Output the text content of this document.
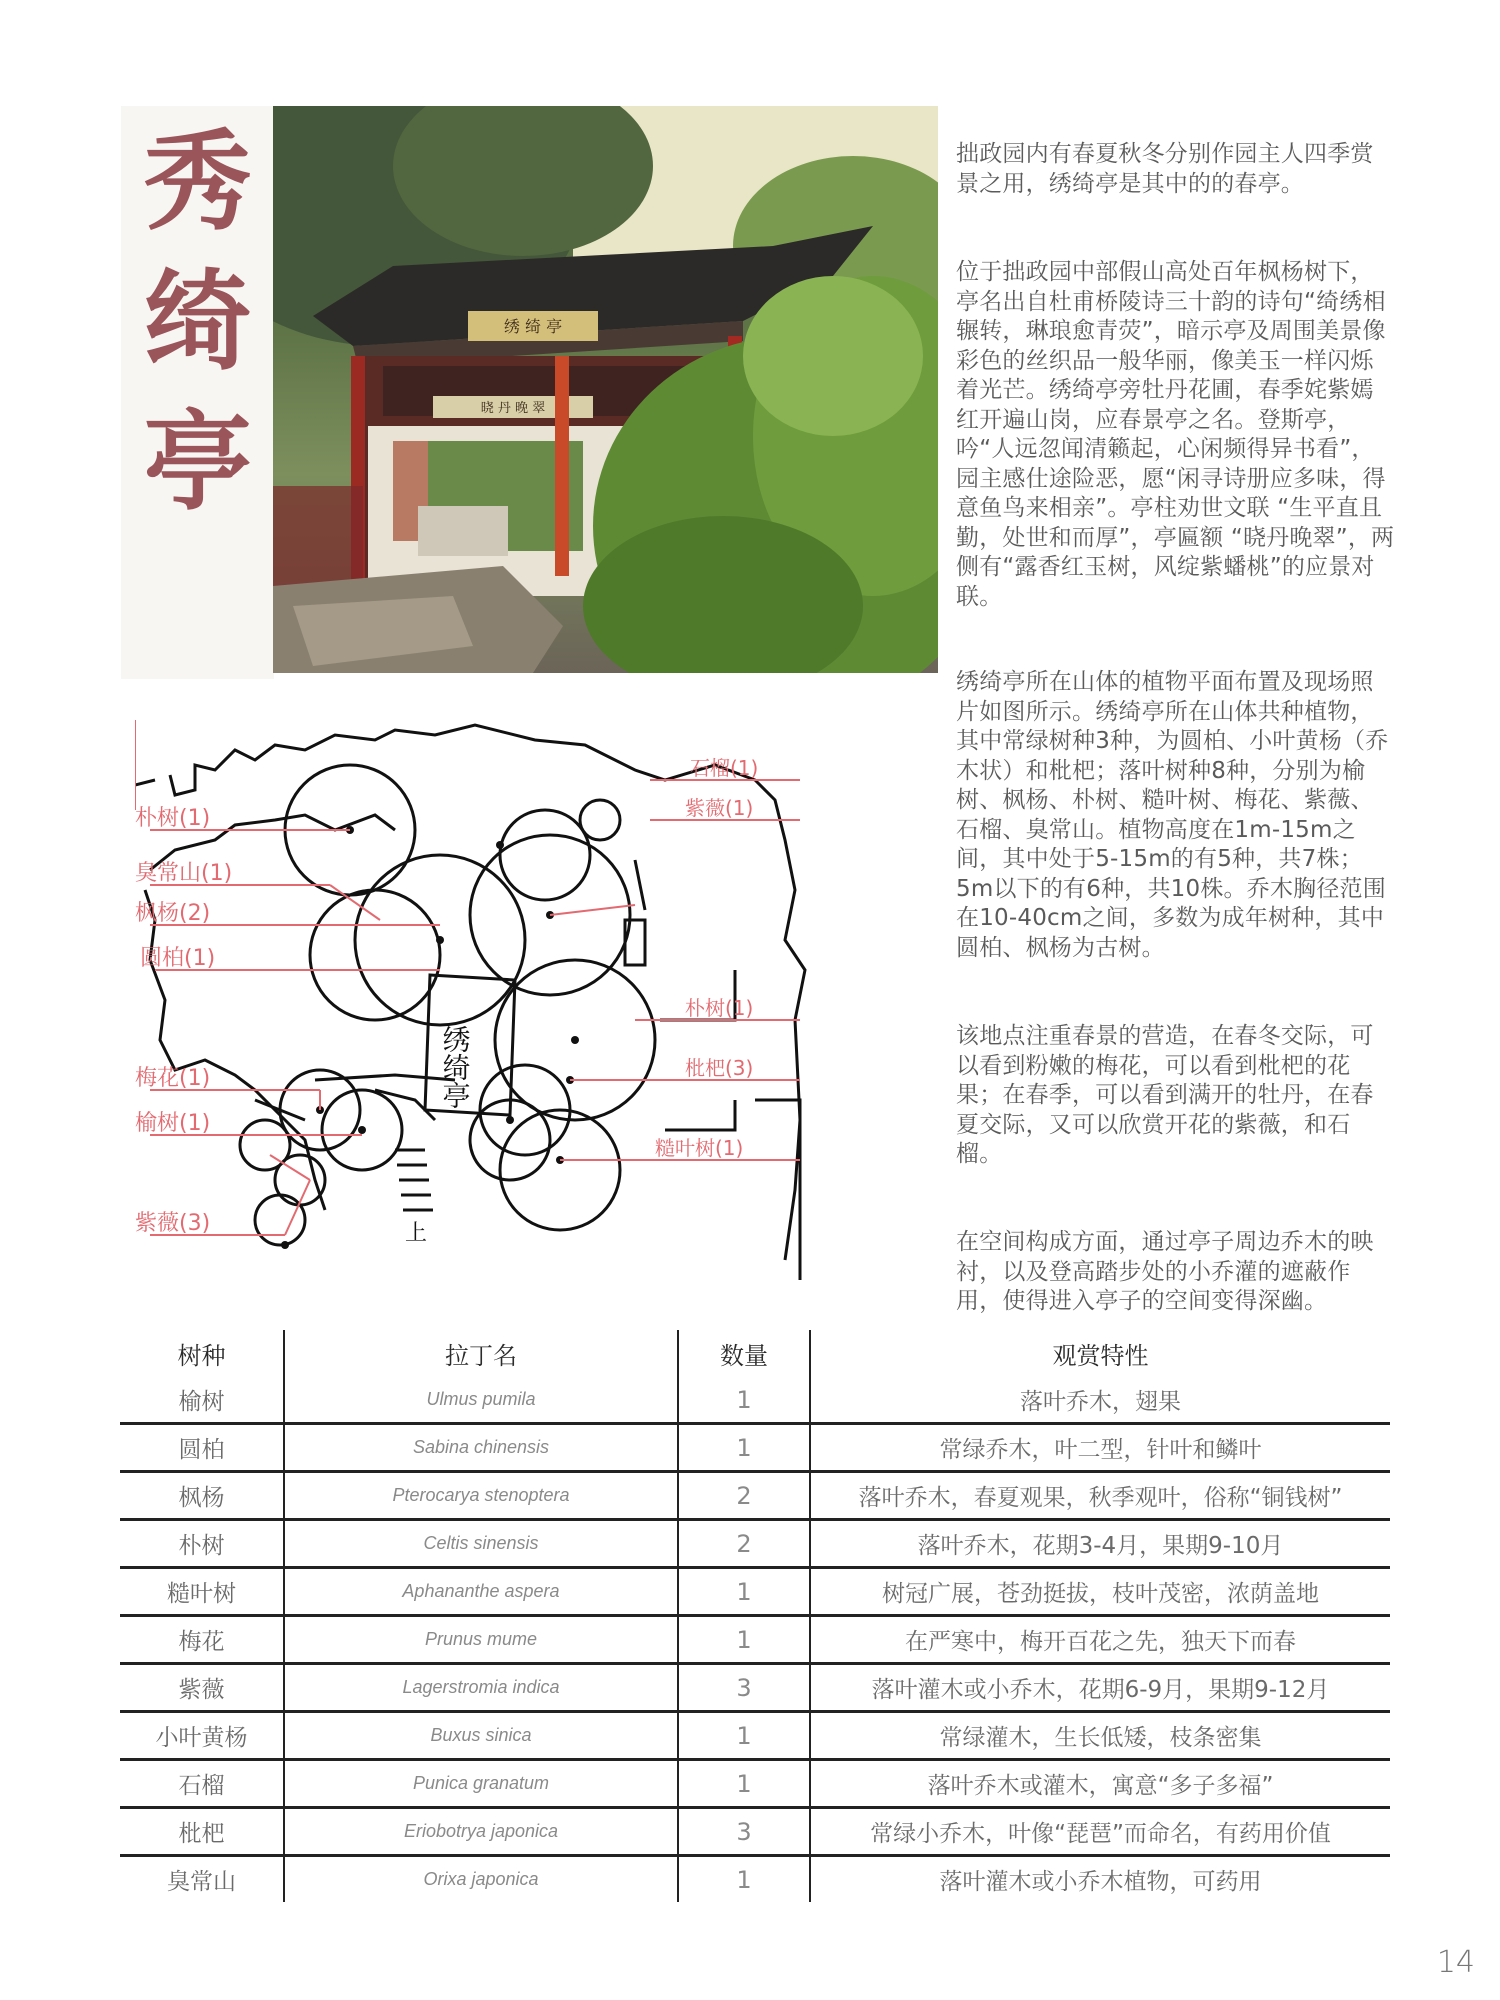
秀
绮
亭
绣 绮 亭
晓 丹 晚 翠

拙政园内有春夏秋冬分别作园主人四季赏景之用，绣绮亭是其中的的春亭。

位于拙政园中部假山高处百年枫杨树下，亭名出自杜甫桥陵诗三十韵的诗句“绮绣相辗转，琳琅愈青荧”，暗示亭及周围美景像彩色的丝织品一般华丽，像美玉一样闪烁着光芒。绣绮亭旁牡丹花圃，春季姹紫嫣红开遍山岗，应春景亭之名。登斯亭，吟“人远忽闻清籁起，心闲频得异书看”，园主感仕途险恶，愿“闲寻诗册应多味，得意鱼鸟来相亲”。亭柱劝世文联 “生平直且勤，处世和而厚”，亭匾额 “晓丹晚翠”，两侧有“露香红玉树，风绽紫蟠桃”的应景对联。

绣绮亭所在山体的植物平面布置及现场照片如图所示。绣绮亭所在山体共种植物，其中常绿树种3种，为圆柏、小叶黄杨（乔木状）和枇杷；落叶树种8种，分别为榆树、枫杨、朴树、糙叶树、梅花、紫薇、石榴、臭常山。植物高度在1m-15m之间，其中处于5-15m的有5种，共7株；5m以下的有6种，共10株。乔木胸径范围在10-40cm之间，多数为成年树种，其中圆柏、枫杨为古树。

该地点注重春景的营造，在春冬交际，可以看到粉嫩的梅花，可以看到枇杷的花果；在春季，可以看到满开的牡丹，在春夏交际，又可以欣赏开花的紫薇，和石榴。

在空间构成方面，通过亭子周边乔木的映衬，以及登高踏步处的小乔灌的遮蔽作用，使得进入亭子的空间变得深幽。

绣绮亭
上
朴树(1)
臭常山(1)
枫杨(2)
圆柏(1)
梅花(1)
榆树(1)
紫薇(3)
石榴(1)
紫薇(1)
朴树(1)
枇杷(3)
糙叶树(1)
树种	拉丁名	数量	观赏特性
榆树	Ulmus pumila	1	落叶乔木，翅果
圆柏	Sabina chinensis	1	常绿乔木，叶二型，针叶和鳞叶
枫杨	Pterocarya stenoptera	2	落叶乔木，春夏观果，秋季观叶，俗称“铜钱树”
朴树	Celtis sinensis	2	落叶乔木，花期3-4月，果期9-10月
糙叶树	Aphananthe aspera	1	树冠广展，苍劲挺拔，枝叶茂密，浓荫盖地
梅花	Prunus mume	1	在严寒中，梅开百花之先，独天下而春
紫薇	Lagerstromia indica	3	落叶灌木或小乔木，花期6-9月，果期9-12月
小叶黄杨	Buxus sinica	1	常绿灌木，生长低矮，枝条密集
石榴	Punica granatum	1	落叶乔木或灌木，寓意“多子多福”
枇杷	Eriobotrya japonica	3	常绿小乔木，叶像“琵琶”而命名，有药用价值
臭常山	Orixa japonica	1	落叶灌木或小乔木植物，可药用
14
